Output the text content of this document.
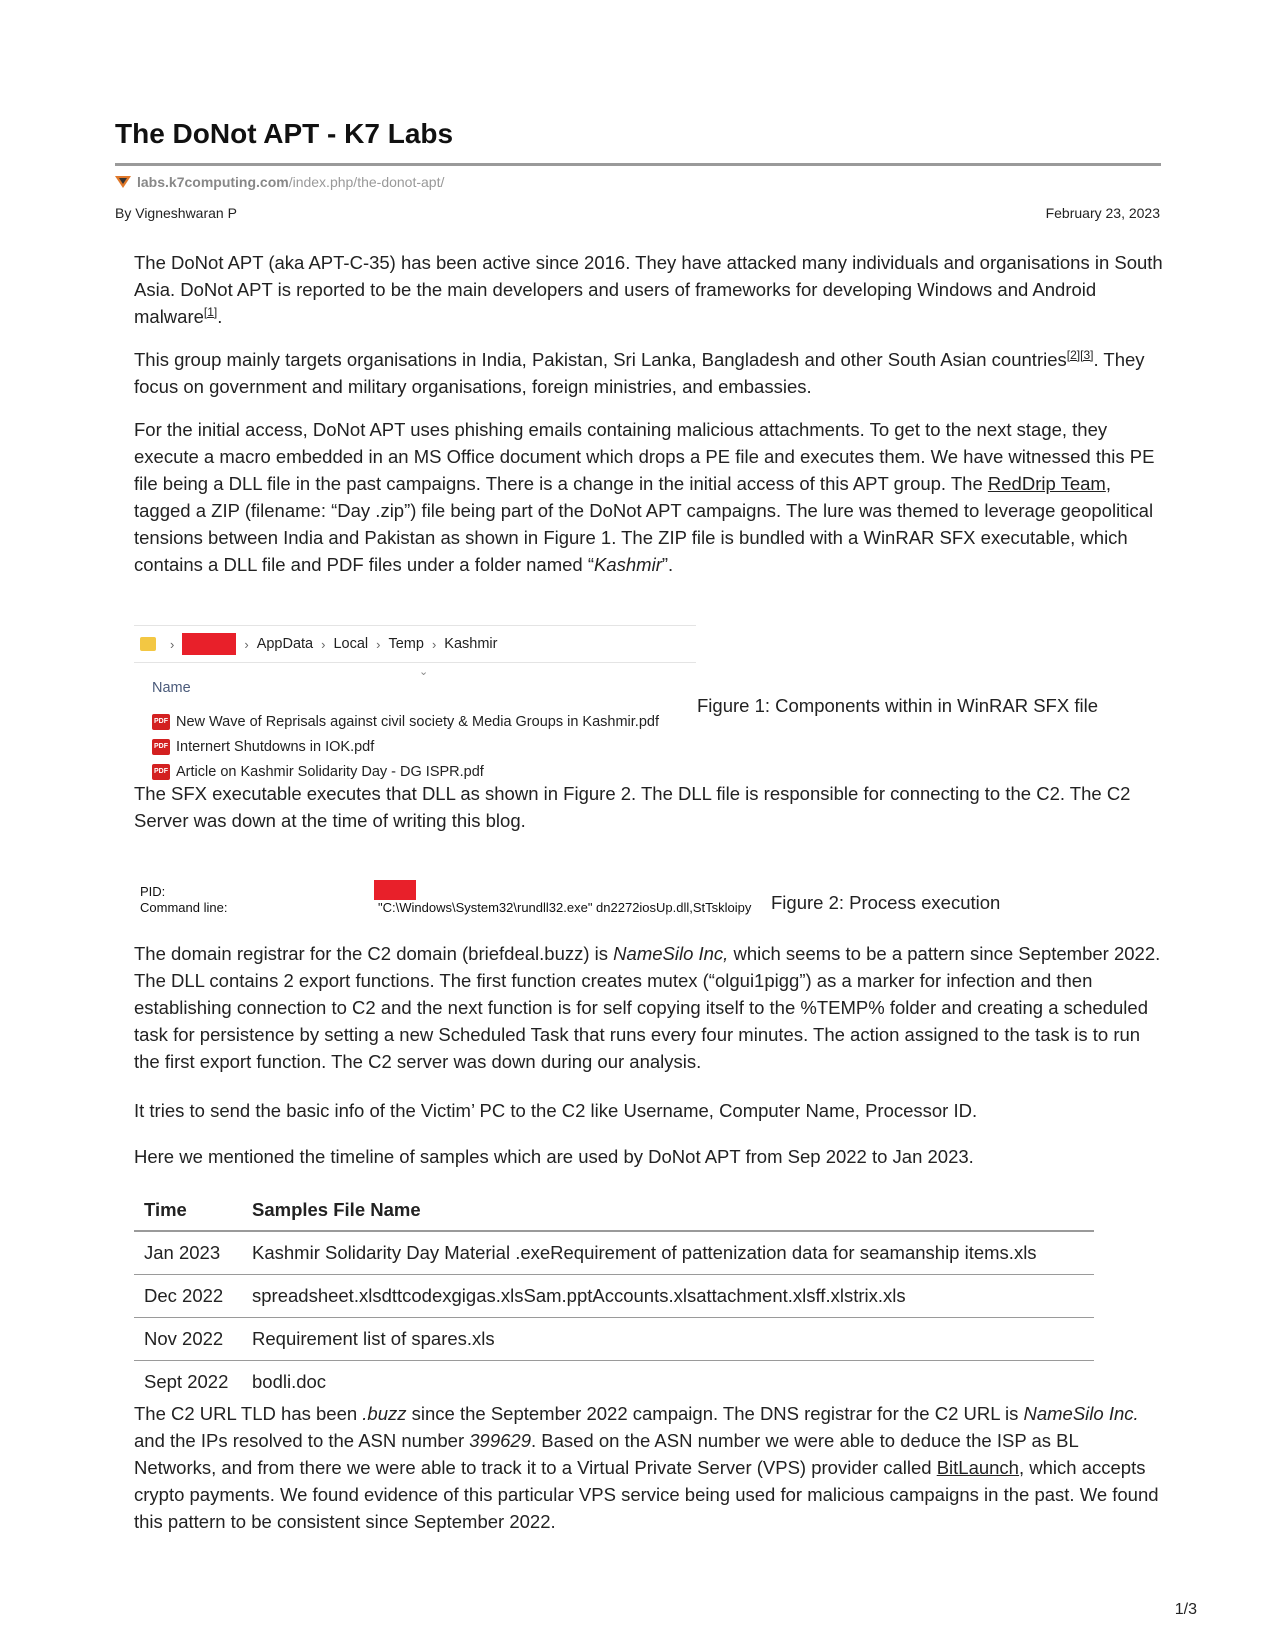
The DoNot APT - K7 Labs
labs.k7computing.com/index.php/the-donot-apt/
By Vigneshwaran P	February 23, 2023

The DoNot APT (aka APT-C-35) has been active since 2016. They have attacked many individuals and organisations in South Asia. DoNot APT is reported to be the main developers and users of frameworks for developing Windows and Android malware[1].

This group mainly targets organisations in India, Pakistan, Sri Lanka, Bangladesh and other South Asian countries[2][3]. They focus on government and military organisations, foreign ministries, and embassies.

For the initial access, DoNot APT uses phishing emails containing malicious attachments. To get to the next stage, they execute a macro embedded in an MS Office document which drops a PE file and executes them. We have witnessed this PE file being a DLL file in the past campaigns. There is a change in the initial access of this APT group. The RedDrip Team, tagged a ZIP (filename: “Day .zip”) file being part of the DoNot APT campaigns. The lure was themed to leverage geopolitical tensions between India and Pakistan as shown in Figure 1. The ZIP file is bundled with a WinRAR SFX executable, which contains a DLL file and PDF files under a folder named “Kashmir”.

›	› AppData › Local › Temp › Kashmir
⌄
Name
PDF New Wave of Reprisals against civil society & Media Groups in Kashmir.pdf
PDF Internert Shutdowns in IOK.pdf
PDF Article on Kashmir Solidarity Day - DG ISPR.pdf
Figure 1: Components within in WinRAR SFX file

The SFX executable executes that DLL as shown in Figure 2. The DLL file is responsible for connecting to the C2. The C2 Server was down at the time of writing this blog.

PID:
Command line:	"C:\Windows\System32\rundll32.exe" dn2272iosUp.dll,StTskloipy Figure 2: Process execution

The domain registrar for the C2 domain (briefdeal.buzz) is NameSilo Inc, which seems to be a pattern since September 2022. The DLL contains 2 export functions. The first function creates mutex (“olgui1pigg”) as a marker for infection and then establishing connection to C2 and the next function is for self copying itself to the %TEMP% folder and creating a scheduled task for persistence by setting a new Scheduled Task that runs every four minutes. The action assigned to the task is to run the first export function. The C2 server was down during our analysis.

It tries to send the basic info of the Victim’ PC to the C2 like Username, Computer Name, Processor ID.

Here we mentioned the timeline of samples which are used by DoNot APT from Sep 2022 to Jan 2023.

Time	Samples File Name
Jan 2023	Kashmir Solidarity Day Material .exeRequirement of pattenization data for seamanship items.xls
Dec 2022	spreadsheet.xlsdttcodexgigas.xlsSam.pptAccounts.xlsattachment.xlsff.xlstrix.xls
Nov 2022	Requirement list of spares.xls
Sept 2022	bodli.doc

The C2 URL TLD has been .buzz since the September 2022 campaign. The DNS registrar for the C2 URL is NameSilo Inc. and the IPs resolved to the ASN number 399629. Based on the ASN number we were able to deduce the ISP as BL Networks, and from there we were able to track it to a Virtual Private Server (VPS) provider called BitLaunch, which accepts crypto payments. We found evidence of this particular VPS service being used for malicious campaigns in the past. We found this pattern to be consistent since September 2022.

1/3
